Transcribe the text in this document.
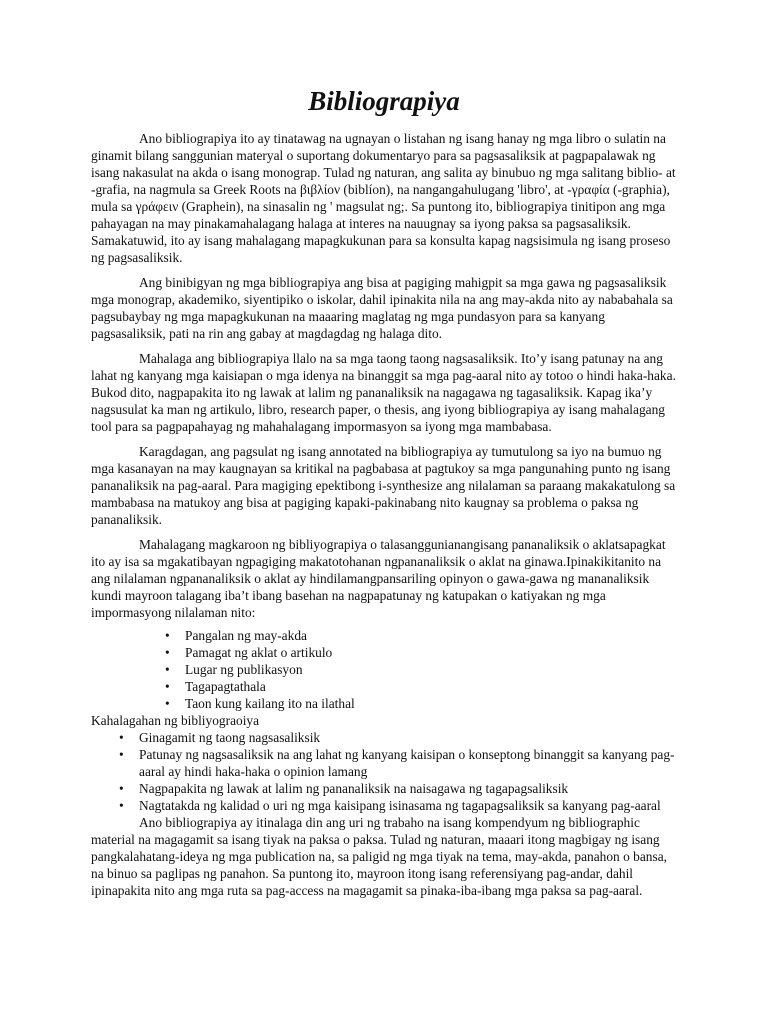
Bibliograpiya

Ano bibliograpiya ito ay tinatawag na ugnayan o listahan ng isang hanay ng mga libro o sulatin na ginamit bilang sanggunian materyal o suportang dokumentaryo para sa pagsasaliksik at pagpapalawak ng isang nakasulat na akda o isang monograp. Tulad ng naturan, ang salita ay binubuo ng mga salitang biblio- at -grafia, na nagmula sa Greek Roots na βιβλίον (biblíon), na nangangahulugang 'libro', at -γραφία (-graphia), mula sa γράφειν (Graphein), na sinasalin ng ' magsulat ng;. Sa puntong ito, bibliograpiya tinitipon ang mga pahayagan na may pinakamahalagang halaga at interes na nauugnay sa iyong paksa sa pagsasaliksik. Samakatuwid, ito ay isang mahalagang mapagkukunan para sa konsulta kapag nagsisimula ng isang proseso ng pagsasaliksik.

Ang binibigyan ng mga bibliograpiya ang bisa at pagiging mahigpit sa mga gawa ng pagsasaliksik mga monograp, akademiko, siyentipiko o iskolar, dahil ipinakita nila na ang may-akda nito ay nababahala sa pagsubaybay ng mga mapagkukunan na maaaring maglatag ng mga pundasyon para sa kanyang pagsasaliksik, pati na rin ang gabay at magdagdag ng halaga dito.

Mahalaga ang bibliograpiya llalo na sa mga taong taong nagsasaliksik. Ito’y isang patunay na ang lahat ng kanyang mga kaisiapan o mga idenya na binanggit sa mga pag-aaral nito ay totoo o hindi haka-haka. Bukod dito, nagpapakita ito ng lawak at lalim ng pananaliksik na nagagawa ng tagasaliksik. Kapag ika’y nagsusulat ka man ng artikulo, libro, research paper, o thesis, ang iyong bibliograpiya ay isang mahalagang tool para sa pagpapahayag ng mahahalagang impormasyon sa iyong mga mambabasa.

Karagdagan, ang pagsulat ng isang annotated na bibliograpiya ay tumutulong sa iyo na bumuo ng mga kasanayan na may kaugnayan sa kritikal na pagbabasa at pagtukoy sa mga pangunahing punto ng isang pananaliksik na pag-aaral. Para magiging epektibong i-synthesize ang nilalaman sa paraang makakatulong sa mambabasa na matukoy ang bisa at pagiging kapaki-pakinabang nito kaugnay sa problema o paksa ng pananaliksik.

Mahalagang magkaroon ng bibliyograpiya o talasanggunianangisang pananaliksik o aklatsapagkat ito ay isa sa mgakatibayan ngpagiging makatotohanan ngpananaliksik o aklat na ginawa.Ipinakikitanito na ang nilalaman ngpananaliksik o aklat ay hindilamangpansariling opinyon o gawa-gawa ng mananaliksik kundi mayroon talagang iba’t ibang basehan na nagpapatunay ng katupakan o katiyakan ng mga impormasyong nilalaman nito:

• Pangalan ng may-akda
• Pamagat ng aklat o artikulo
• Lugar ng publikasyon
• Tagapagtathala
• Taon kung kailang ito na ilathal
Kahalagahan ng bibliyograoiya
• Ginagamit ng taong nagsasaliksik
• Patunay ng nagsasaliksik na ang lahat ng kanyang kaisipan o konseptong binanggit sa kanyang pag-aaral ay hindi haka-haka o opinion lamang
• Nagpapakita ng lawak at lalim ng pananaliksik na naisagawa ng tagapagsaliksik
• Nagtatakda ng kalidad o uri ng mga kaisipang isinasama ng tagapagsaliksik sa kanyang pag-aaral

Ano bibliograpiya ay itinalaga din ang uri ng trabaho na isang kompendyum ng bibliographic material na magagamit sa isang tiyak na paksa o paksa. Tulad ng naturan, maaari itong magbigay ng isang pangkalahatang-ideya ng mga publication na, sa paligid ng mga tiyak na tema, may-akda, panahon o bansa, na binuo sa paglipas ng panahon. Sa puntong ito, mayroon itong isang referensiyang pag-andar, dahil ipinapakita nito ang mga ruta sa pag-access na magagamit sa pinaka-iba-ibang mga paksa sa pag-aaral.
